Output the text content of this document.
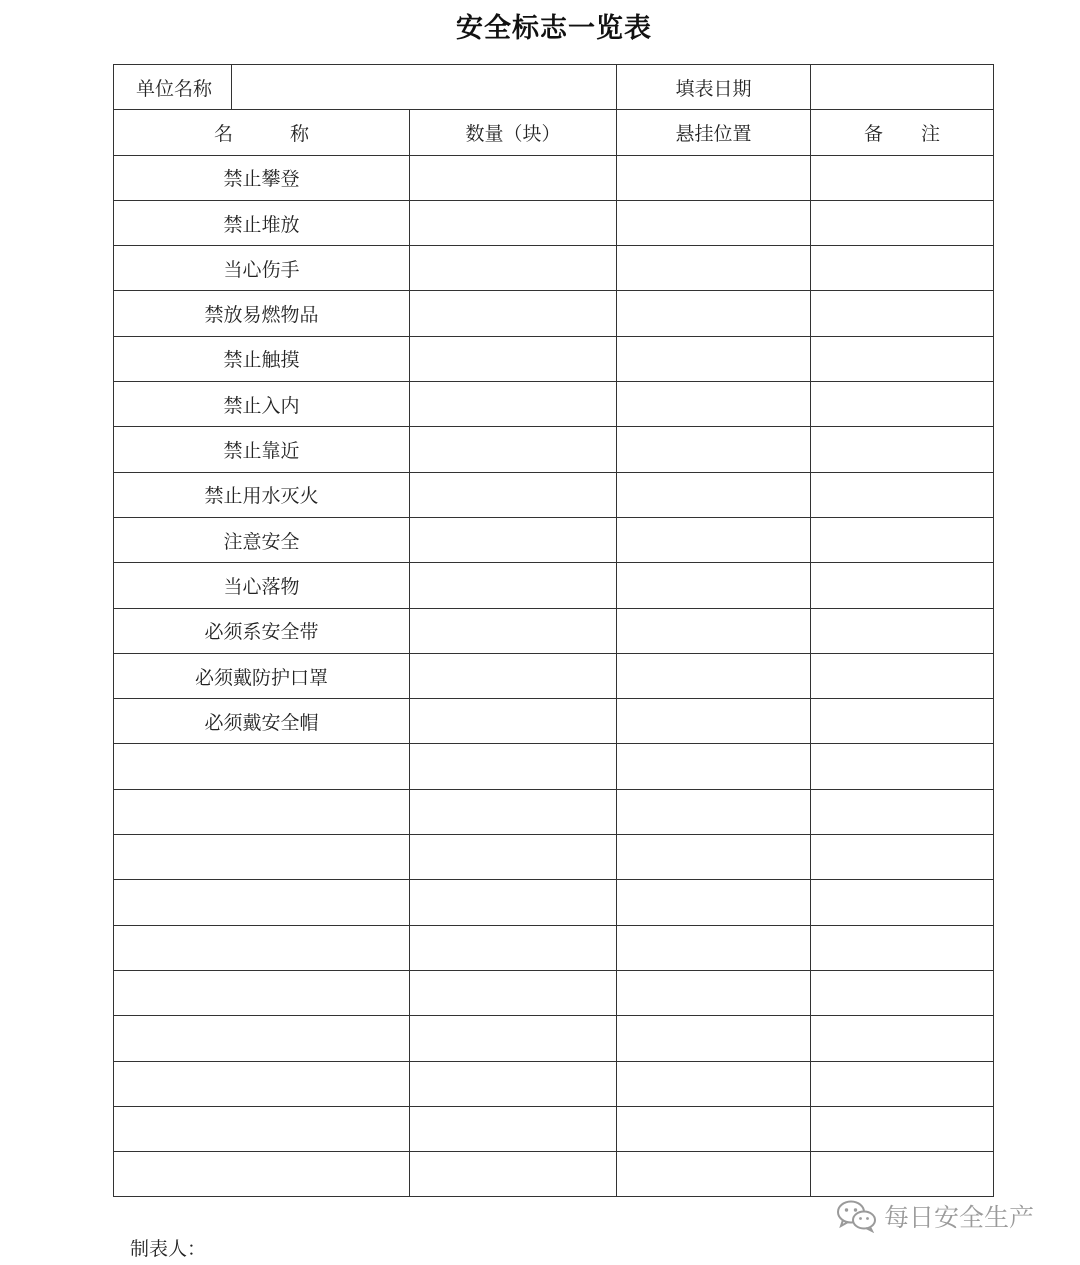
安全标志一览表
单位名称			填表日期	
名　　　称		数量（块）	悬挂位置	备　　注
禁止攀登				
禁止堆放				
当心伤手				
禁放易燃物品				
禁止触摸				
禁止入内				
禁止靠近				
禁止用水灭火				
注意安全				
当心落物				
必须系安全带				
必须戴防护口罩				
必须戴安全帽				

制表人：
每日安全生产
